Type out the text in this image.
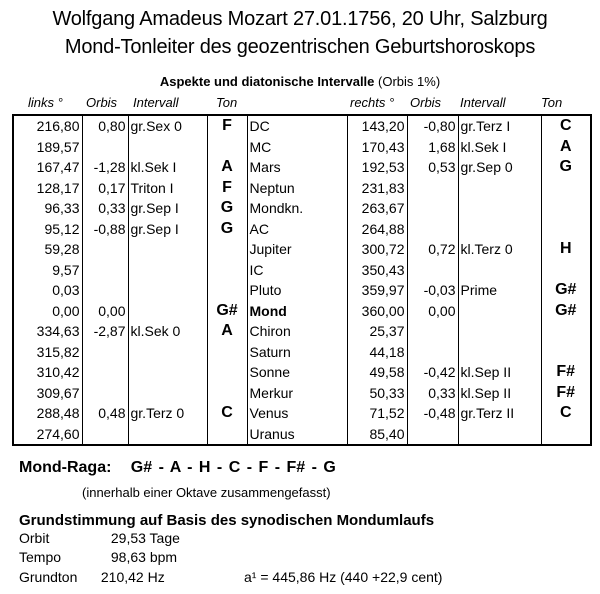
Wolfgang Amadeus Mozart 27.01.1756, 20 Uhr, Salzburg
Mond-Tonleiter des geozentrischen Geburtshoroskops
Aspekte und diatonische Intervalle (Orbis 1%)
links ° Orbis Intervall	Ton	rechts ° Orbis Intervall	Ton
216,80	0,80	gr.Sex 0	F	DC	143,20	-0,80	gr.Terz I	C
189,57				MC	170,43	1,68	kl.Sek I	A
167,47	-1,28	kl.Sek I	A	Mars	192,53	0,53	gr.Sep 0	G
128,17	0,17	Triton I	F	Neptun	231,83			
96,33	0,33	gr.Sep I	G	Mondkn.	263,67			
95,12	-0,88	gr.Sep I	G	AC	264,88			
59,28				Jupiter	300,72	0,72	kl.Terz 0	H
9,57				IC	350,43			
0,03				Pluto	359,97	-0,03	Prime	G#
0,00	0,00		G#	Mond	360,00	0,00		G#
334,63	-2,87	kl.Sek 0	A	Chiron	25,37			
315,82				Saturn	44,18			
310,42				Sonne	49,58	-0,42	kl.Sep II	F#
309,67				Merkur	50,33	0,33	kl.Sep II	F#
288,48	0,48	gr.Terz 0	C	Venus	71,52	-0,48	gr.Terz II	C
274,60				Uranus	85,40			
Mond-Raga: G# - A - H - C - F - F# - G
(innerhalb einer Oktave zusammengefasst)
Grundstimmung auf Basis des synodischen Mondumlaufs
Orbit	29,53 Tage
Tempo	98,63 bpm
Grundton 210,42 Hz	a¹ = 445,86 Hz (440 +22,9 cent)
